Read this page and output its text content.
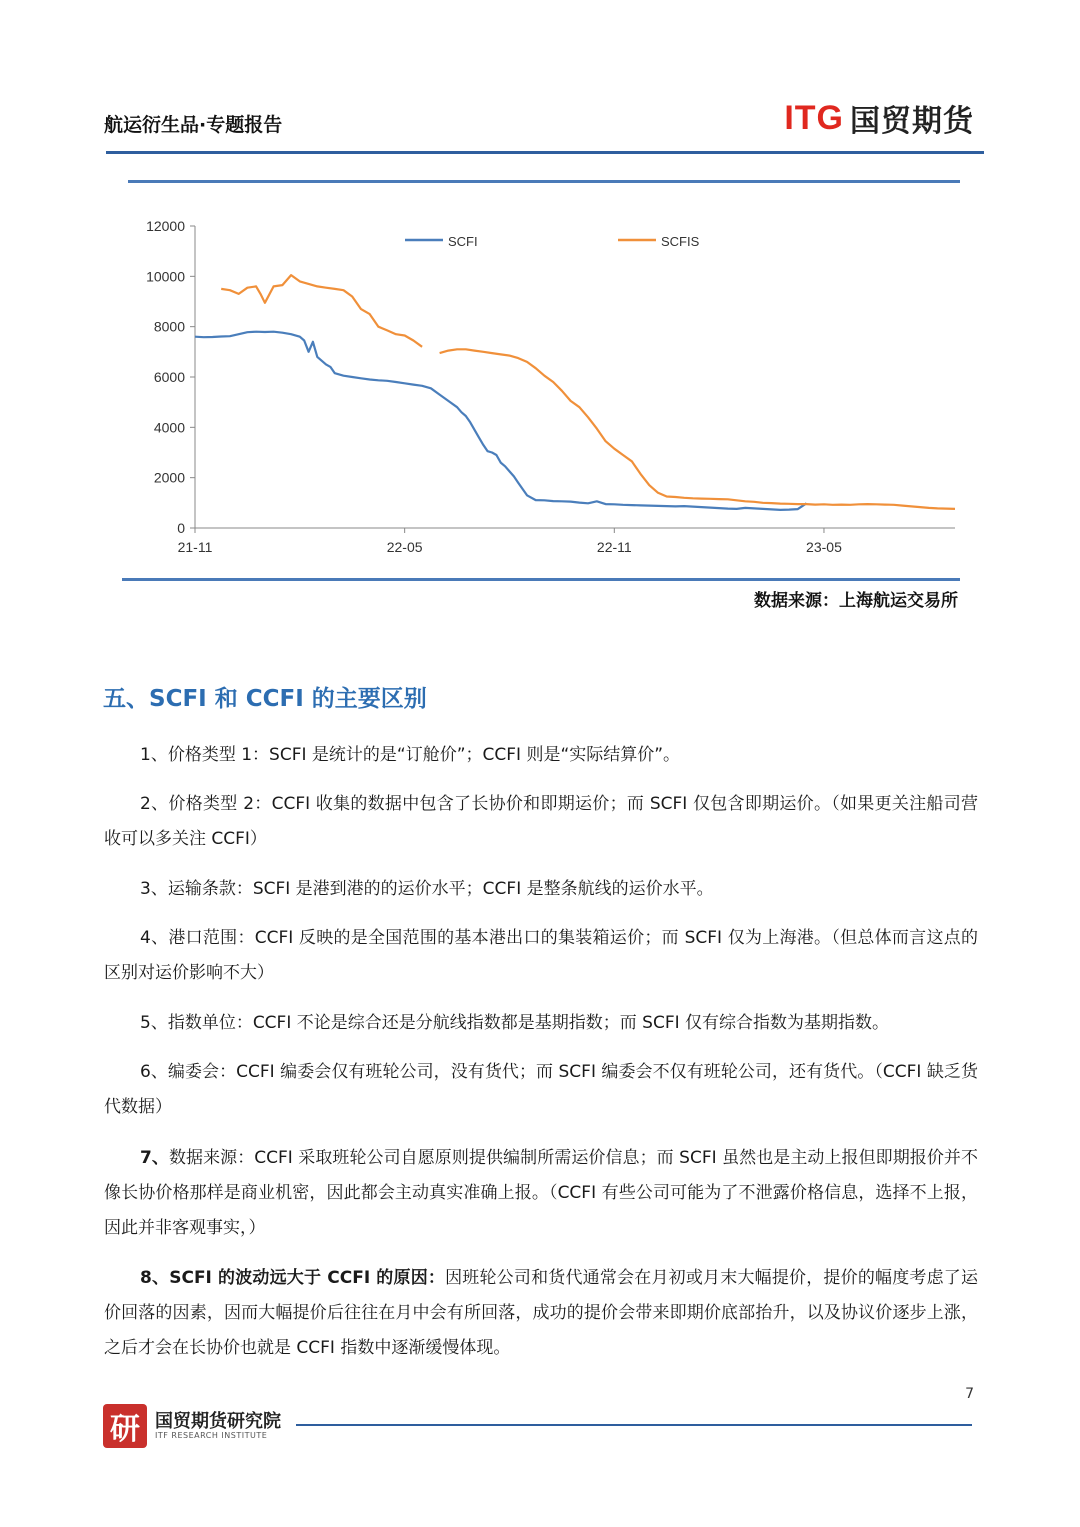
航运衍生品·专题报告	ITG 国贸期货
0
2000
4000
6000
8000
10000
12000
21-11	22-05	22-11	23-05
SCFI	SCFIS
数据来源：上海航运交易所
五、SCFI 和 CCFI 的主要区别

1、价格类型 1：SCFI 是统计的是“订舱价”；CCFI 则是“实际结算价”。

2、价格类型 2：CCFI 收集的数据中包含了长协价和即期运价；而 SCFI 仅包含即期运价。（如果更关注船司营收可以多关注 CCFI）

3、运输条款：SCFI 是港到港的的运价水平；CCFI 是整条航线的运价水平。

4、港口范围：CCFI 反映的是全国范围的基本港出口的集装箱运价；而 SCFI 仅为上海港。（但总体而言这点的区别对运价影响不大）

5、指数单位：CCFI 不论是综合还是分航线指数都是基期指数；而 SCFI 仅有综合指数为基期指数。

6、编委会：CCFI 编委会仅有班轮公司，没有货代；而 SCFI 编委会不仅有班轮公司，还有货代。（CCFI 缺乏货代数据）

7、数据来源：CCFI 采取班轮公司自愿原则提供编制所需运价信息；而 SCFI 虽然也是主动上报但即期报价并不像长协价格那样是商业机密，因此都会主动真实准确上报。（CCFI 有些公司可能为了不泄露价格信息，选择不上报，因此并非客观事实，）

8、SCFI 的波动远大于 CCFI 的原因：因班轮公司和货代通常会在月初或月末大幅提价，提价的幅度考虑了运价回落的因素，因而大幅提价后往往在月中会有所回落，成功的提价会带来即期价底部抬升，以及协议价逐步上涨，之后才会在长协价也就是 CCFI 指数中逐渐缓慢体现。

7
研 国贸期货研究院
ITF RESEARCH INSTITUTE
